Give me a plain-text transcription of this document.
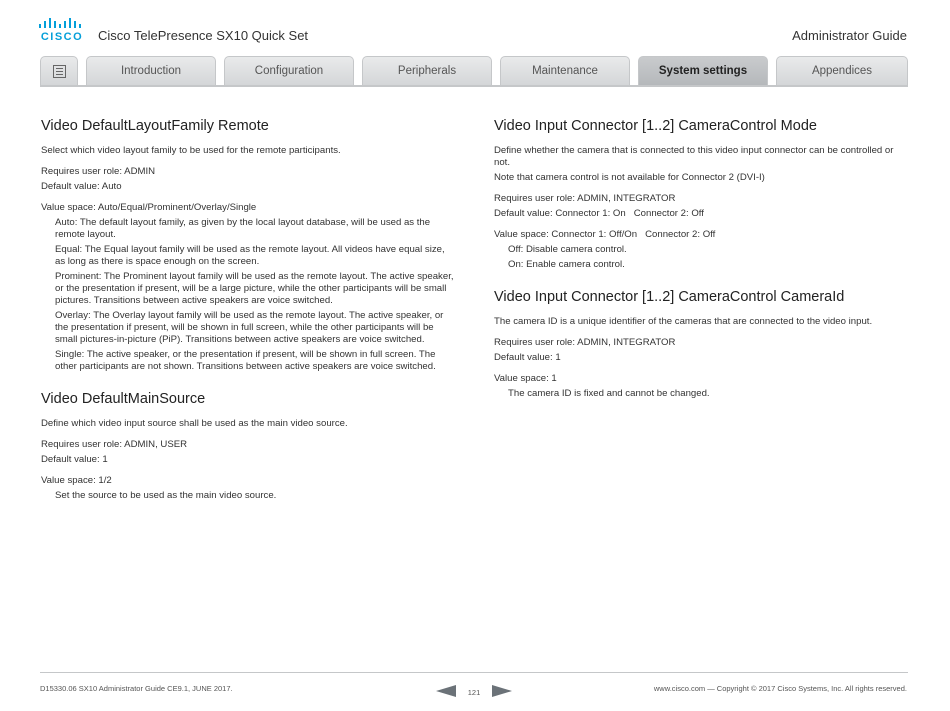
CISCO Cisco TelePresence SX10 Quick Set	Administrator Guide
Introduction	Configuration	Peripherals	Maintenance	System settings	Appendices
Video DefaultLayoutFamily Remote

Select which video layout family to be used for the remote participants.

Requires user role: ADMIN

Default value: Auto

Value space: Auto/Equal/Prominent/Overlay/Single

Auto: The default layout family, as given by the local layout database, will be used as the remote layout.

Equal: The Equal layout family will be used as the remote layout. All videos have equal size, as long as there is space enough on the screen.

Prominent: The Prominent layout family will be used as the remote layout. The active speaker, or the presentation if present, will be a large picture, while the other participants will be small pictures. Transitions between active speakers are voice switched.

Overlay: The Overlay layout family will be used as the remote layout. The active speaker, or the presentation if present, will be shown in full screen, while the other participants will be small pictures-in-picture (PiP). Transitions between active speakers are voice switched.

Single: The active speaker, or the presentation if present, will be shown in full screen. The other participants are not shown. Transitions between active speakers are voice switched.

Video DefaultMainSource

Define which video input source shall be used as the main video source.

Requires user role: ADMIN, USER

Default value: 1

Value space: 1/2

Set the source to be used as the main video source.

Video Input Connector [1..2] CameraControl Mode

Define whether the camera that is connected to this video input connector can be controlled or not.

Note that camera control is not available for Connector 2 (DVI-I)

Requires user role: ADMIN, INTEGRATOR

Default value: Connector 1: On   Connector 2: Off

Value space: Connector 1: Off/On   Connector 2: Off

Off: Disable camera control.

On: Enable camera control.

Video Input Connector [1..2] CameraControl CameraId

The camera ID is a unique identifier of the cameras that are connected to the video input.

Requires user role: ADMIN, INTEGRATOR

Default value: 1

Value space: 1

The camera ID is fixed and cannot be changed.

D15330.06 SX10 Administrator Guide CE9.1, JUNE 2017.	121	www.cisco.com — Copyright © 2017 Cisco Systems, Inc. All rights reserved.
